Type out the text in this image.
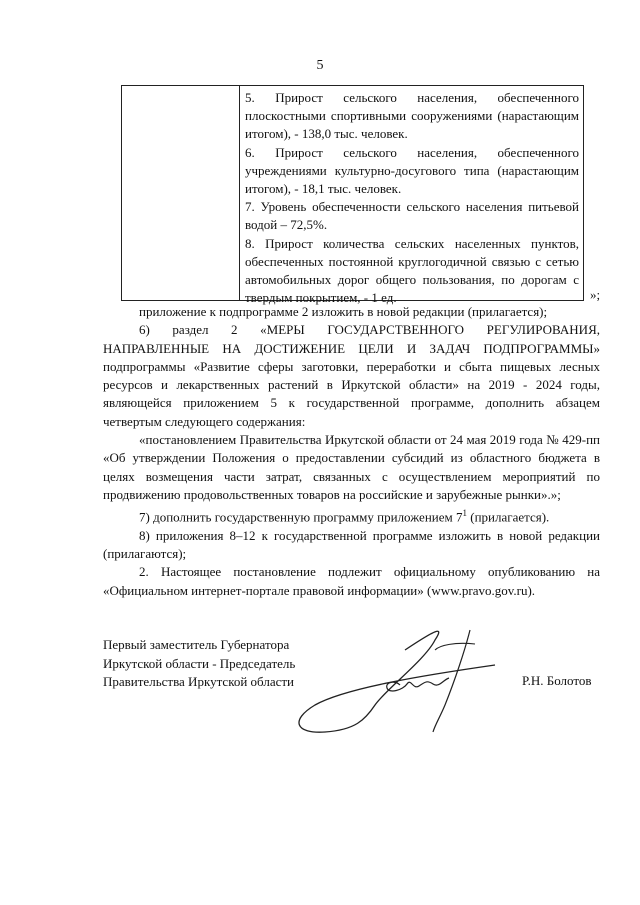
5

5. Прирост сельского населения, обеспеченного плоскостными спортивными сооружениями (нарастающим итогом), - 138,0 тыс. человек.

6. Прирост сельского населения, обеспеченного учреждениями культурно-досугового типа (нарастающим итогом), - 18,1 тыс. человек.

7. Уровень обеспеченности сельского населения питьевой водой – 72,5%.

8. Прирост количества сельских населенных пунктов, обеспеченных постоянной круглогодичной связью с сетью автомобильных дорог общего пользования, по дорогам с твердым покрытием, - 1 ед.	»;

приложение к подпрограмме 2 изложить в новой редакции (прилагается);

6) раздел 2 «МЕРЫ ГОСУДАРСТВЕННОГО РЕГУЛИРОВАНИЯ, НАПРАВЛЕННЫЕ НА ДОСТИЖЕНИЕ ЦЕЛИ И ЗАДАЧ ПОДПРОГРАММЫ» подпрограммы «Развитие сферы заготовки, переработки и сбыта пищевых лесных ресурсов и лекарственных растений в Иркутской области» на 2019 - 2024 годы, являющейся приложением 5 к государственной программе, дополнить абзацем четвертым следующего содержания:

«постановлением Правительства Иркутской области от 24 мая 2019 года № 429-пп «Об утверждении Положения о предоставлении субсидий из областного бюджета в целях возмещения части затрат, связанных с осуществлением мероприятий по продвижению продовольственных товаров на российские и зарубежные рынки».»;

7) дополнить государственную программу приложением $7^1$ (прилагается).

8) приложения 8–12 к государственной программе изложить в новой редакции (прилагаются);

2. Настоящее постановление подлежит официальному опубликованию на «Официальном интернет-портале правовой информации» (www.pravo.gov.ru).

Первый заместитель Губернатора
Иркутской области - Председатель
Правительства Иркутской области	Р.Н. Болотов
